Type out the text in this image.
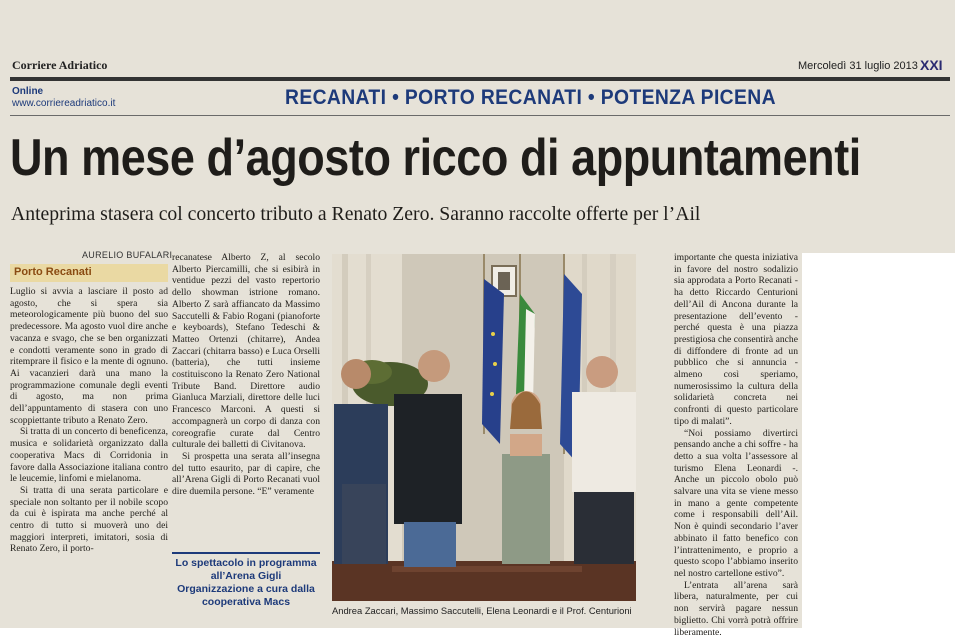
Corriere Adriatico	Mercoledì 31 luglio 2013 XXI
Online
www.corriereadriatico.it	RECANATI • PORTO RECANATI • POTENZA PICENA
Un mese d’agosto ricco di appuntamenti
Anteprima stasera col concerto tributo a Renato Zero. Saranno raccolte offerte per l’Ail
AURELIO BUFALARI
Porto Recanati

Luglio si avvia a lasciare il posto ad agosto, che si spera sia meteorologicamente più buono del suo predecessore. Ma agosto vuol dire anche vacanza e svago, che se ben organizzati e condotti veramente sono in grado di ritemprare il fisico e la mente di ognuno. Ai vacanzieri darà una mano la programmazione comunale degli eventi di agosto, ma non prima dell’appuntamento di stasera con uno scoppiettante tributo a Renato Zero.

Si tratta di un concerto di beneficenza, musica e solidarietà organizzato dalla cooperativa Macs di Corridonia in favore dalla Associazione italiana contro le leucemie, linfomi e mielanoma.

Si tratta di una serata particolare e speciale non soltanto per il nobile scopo da cui è ispirata ma anche perché al centro di tutto si muoverà uno dei maggiori interpreti, imitatori, sosia di Renato Zero, il porto-

recanatese Alberto Z, al secolo Alberto Piercamilli, che si esibirà in ventidue pezzi del vasto repertorio dello showman istrione romano. Alberto Z sarà affiancato da Massimo Saccutelli & Fabio Rogani (pianoforte e keyboards), Stefano Tedeschi & Matteo Ortenzi (chitarre), Andea Zaccari (chitarra basso) e Luca Orselli (batteria), che tutti insieme costituiscono la Renato Zero National Tribute Band. Direttore audio Gianluca Marziali, direttore delle luci Francesco Marconi. A questi si accompagnerà un corpo di danza con coreografie curate dal Centro culturale dei balletti di Civitanova.

Si prospetta una serata all’insegna del tutto esaurito, par di capire, che all’Arena Gigli di Porto Recanati vuol dire duemila persone. “E” veramente

Lo spettacolo in programma all’Arena Gigli Organizzazione a cura dalla cooperativa Macs
Andrea Zaccari, Massimo Saccutelli, Elena Leonardi e il Prof. Centurioni

importante che questa iniziativa in favore del nostro sodalizio sia approdata a Porto Recanati - ha detto Riccardo Centurioni dell’Ail di Ancona durante la presentazione dell’evento - perché questa è una piazza prestigiosa che consentirà anche di diffondere di fronte ad un pubblico che si annuncia - almeno così speriamo, numerosissimo la cultura della solidarietà concreta nei confronti di questo particolare tipo di malati”.

“Noi possiamo divertirci pensando anche a chi soffre - ha detto a sua volta l’assessore al turismo Elena Leonardi -. Anche un piccolo obolo può salvare una vita se viene messo in mano a gente competente come i responsabili dell’Ail. Non è quindi secondario l’aver abbinato il fatto benefico con l’intrattenimento, e proprio a questo scopo l’abbiamo inserito nel nostro cartellone estivo”.

L’entrata all’arena sarà libera, naturalmente, per cui non servirà pagare nessun biglietto. Chi vorrà potrà offrire liberamente.
